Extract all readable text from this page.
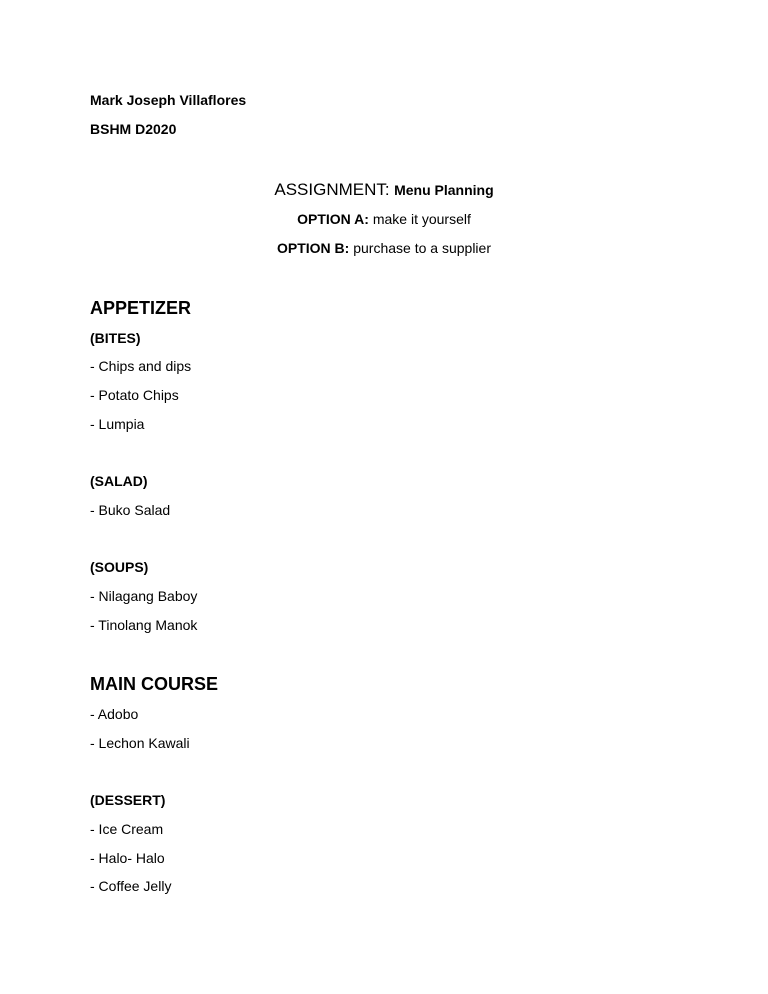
Mark Joseph Villaflores
BSHM D2020
ASSIGNMENT: Menu Planning
OPTION A: make it yourself
OPTION B: purchase to a supplier
APPETIZER
(BITES)
- Chips and dips
- Potato Chips
- Lumpia
(SALAD)
- Buko Salad
(SOUPS)
- Nilagang Baboy
- Tinolang Manok
MAIN COURSE
- Adobo
- Lechon Kawali
(DESSERT)
- Ice Cream
- Halo- Halo
- Coffee Jelly
